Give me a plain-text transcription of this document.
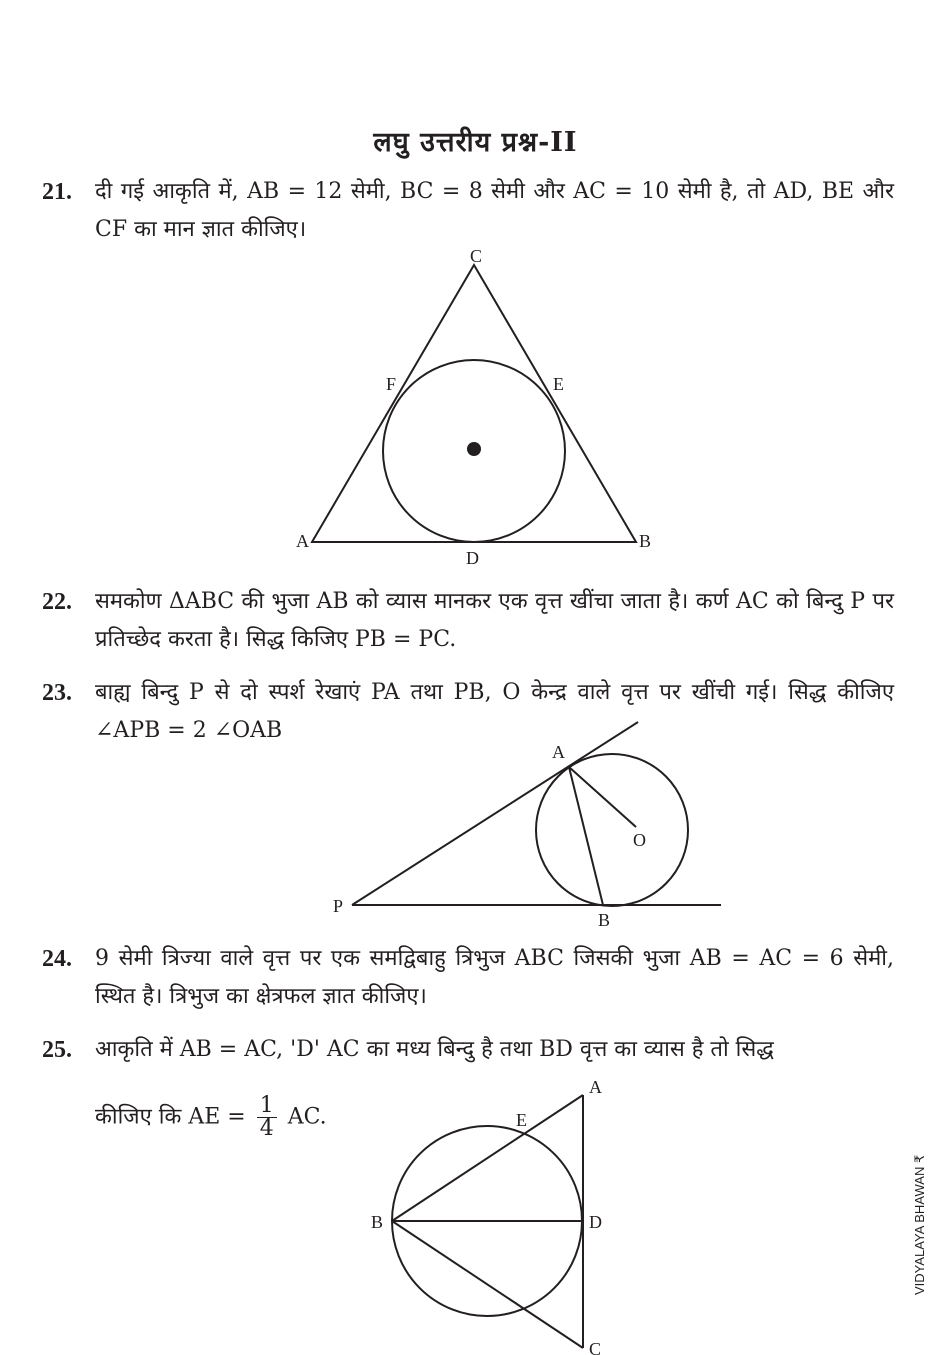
लघु उत्तरीय प्रश्न-II
21. दी गई आकृति में, AB = 12 सेमी, BC = 8 सेमी और AC = 10 सेमी है, तो AD, BE और CF का मान ज्ञात कीजिए।
22. समकोण ΔABC की भुजा AB को व्यास मानकर एक वृत्त खींचा जाता है। कर्ण AC को बिन्दु P पर प्रतिच्छेद करता है। सिद्ध किजिए PB = PC.
23. बाह्य बिन्दु P से दो स्पर्श रेखाएं PA तथा PB, O केन्द्र वाले वृत्त पर खींची गई। सिद्ध कीजिए ∠APB = 2 ∠OAB
24. 9 सेमी त्रिज्या वाले वृत्त पर एक समद्विबाहु त्रिभुज ABC जिसकी भुजा AB = AC = 6 सेमी, स्थित है। त्रिभुज का क्षेत्रफल ज्ञात कीजिए।
25. आकृति में AB = AC, 'D' AC का मध्य बिन्दु है तथा BD वृत्त का व्यास है तो सिद्ध
कीजिए कि AE = $\frac{1}{4}$ AC.
C
F	E
A	B
D
A
O
P
B
A
E
B	D
C
VIDYALAYA BHAWAN ₹
